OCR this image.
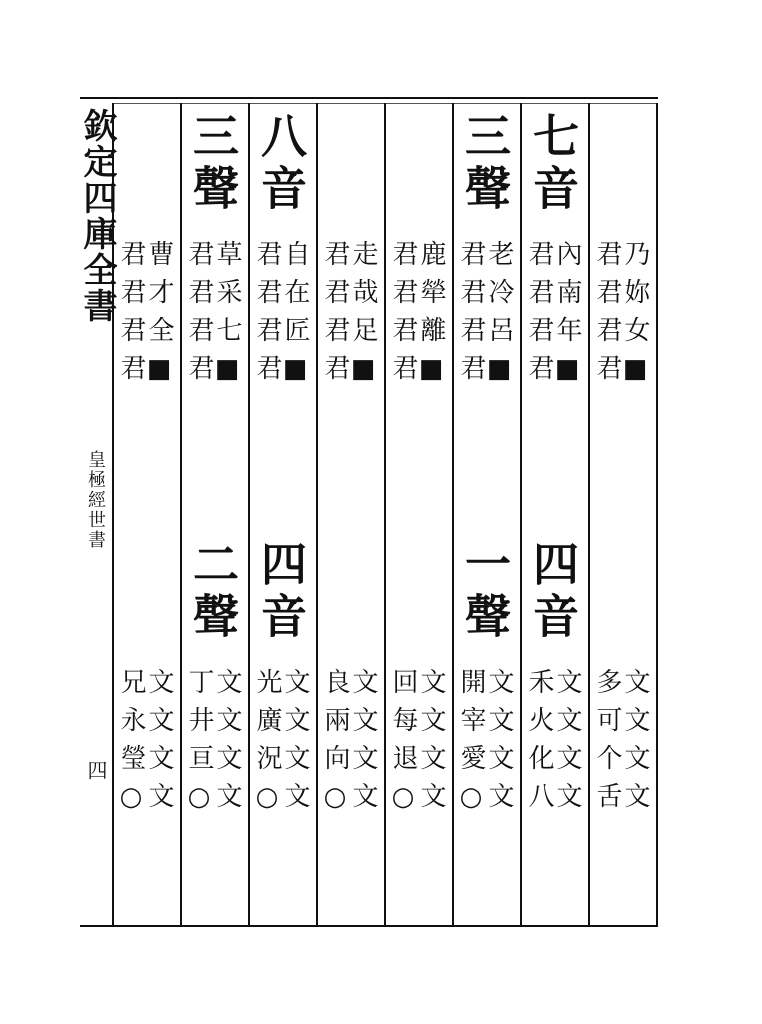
欽定四庫全書
皇極經世書
四
乃妳女■
君君君君
文文文文
多可个舌
七音
四音
內南年■
君君君君
文文文文
禾火化八
三聲
一聲
老冷呂■
君君君君
文文文文
開宰愛○
鹿犖離■
君君君君
文文文文
回每退○
走哉足■
君君君君
文文文文
良兩向○
八音
四音
自在匠■
君君君君
文文文文
光廣況○
三聲
二聲
草采七■
君君君君
文文文文
丁井亘○
曹才全■
君君君君
文文文文
兄永瑩○
